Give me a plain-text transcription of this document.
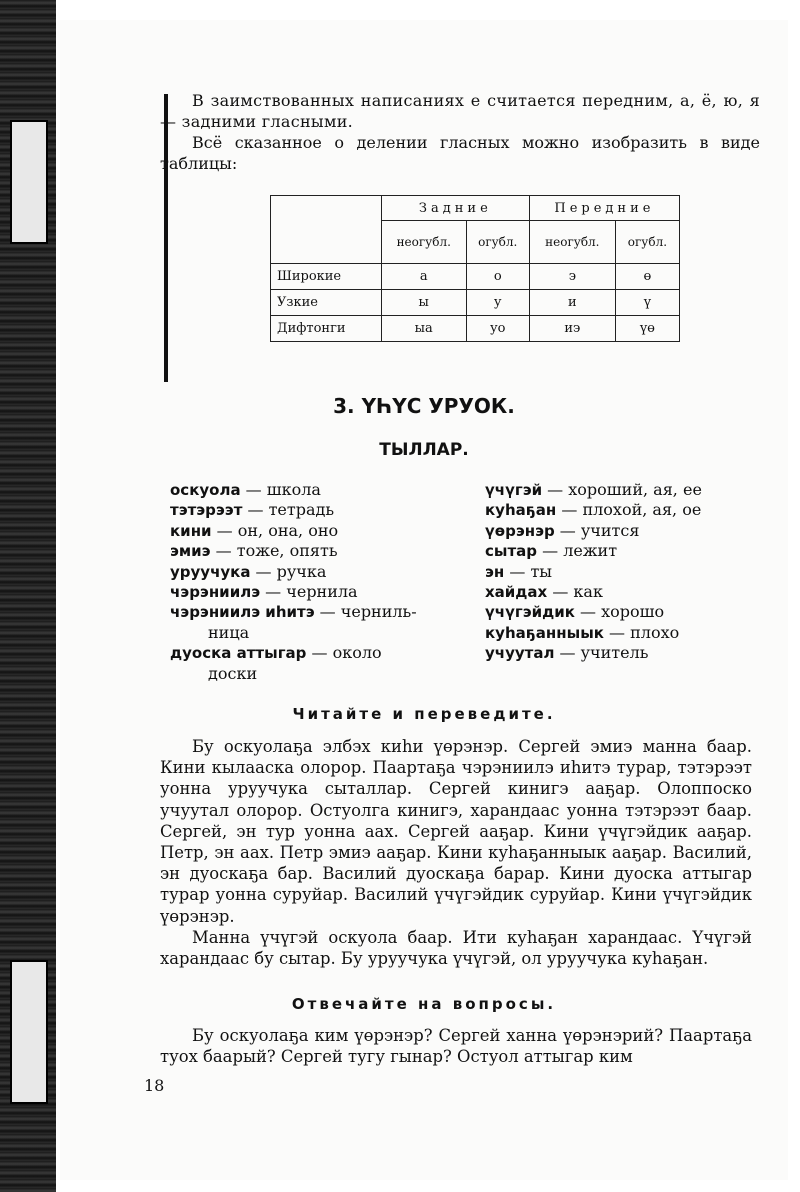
В заимствованных написаниях е считается передним, а, ё, ю, я — задними гласными.

Всё сказанное о делении гласных можно изобразить в виде таблицы:

	Задние		Передние	
	неогубл.	огубл.	неогубл.	огубл.
Широкие	а	о	э	ө
Узкие	ы	у	и	ү
Дифтонги	ыа	уо	иэ	үө
3. ҮҺҮС УРУОК.
ТЫЛЛАР.

оскуола — школа

тэтэрээт — тетрадь

кини — он, она, оно

эмиэ — тоже, опять

уруучука — ручка

чэрэниилэ — чернила

чэрэниилэ иһитэ — черниль-

ница

дуоска аттыгар — около

доски

үчүгэй — хороший, ая, ее

куһаҕан — плохой, ая, ое

үөрэнэр — учится

сытар — лежит

эн — ты

хайдах — как

үчүгэйдик — хорошо

куһаҕанныык — плохо

учуутал — учитель

Читайте и переведите.

Бу оскуолаҕа элбэх киһи үөрэнэр. Сергей эмиэ манна баар. Кини кылааска олорор. Паартаҕа чэрэниилэ иһитэ турар, тэтэрээт уонна уруучука сыталлар. Сергей кинигэ ааҕар. Олоппоско учуутал олорор. Остуолга кинигэ, харандаас уонна тэтэрээт баар. Сергей, эн тур уонна аах. Сергей ааҕар. Кини үчүгэйдик ааҕар. Петр, эн аах. Петр эмиэ ааҕар. Кини куһаҕанныык ааҕар. Василий, эн дуоскаҕа бар. Василий дуоскаҕа барар. Кини дуоска аттыгар турар уонна суруйар. Василий үчүгэйдик суруйар. Кини үчүгэйдик үөрэнэр.

Манна үчүгэй оскуола баар. Ити куһаҕан харандаас. Үчүгэй харандаас бу сытар. Бу уруучука үчүгэй, ол уруучука куһаҕан.

Отвечайте на вопросы.

Бу оскуолаҕа ким үөрэнэр? Сергей ханна үөрэнэрий? Паартаҕа туох баарый? Сергей тугу гынар? Остуол аттыгар ким

18
